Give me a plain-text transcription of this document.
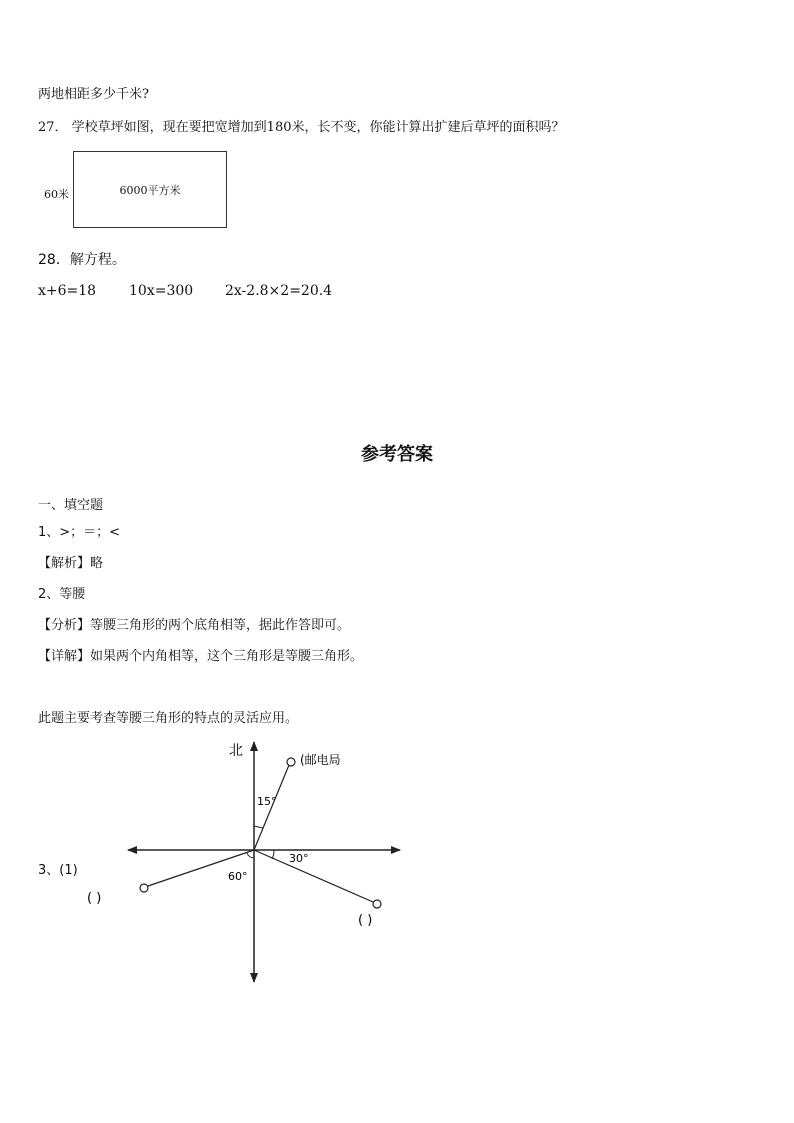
两地相距多少千米?
27． 学校草坪如图，现在要把宽增加到180米，长不变，你能计算出扩建后草坪的面积吗？
6000平方米
60米
28．解方程。
x+6=18 10x=300 2x-2.8×2=20.4
参考答案
一、填空题
1、>；＝；<
【解析】略
2、等腰
【分析】等腰三角形的两个底角相等，据此作答即可。
【详解】如果两个内角相等，这个三角形是等腰三角形。
此题主要考查等腰三角形的特点的灵活应用。
3、(1)
北
(邮电局
15°
30°
60°
( )
( )
